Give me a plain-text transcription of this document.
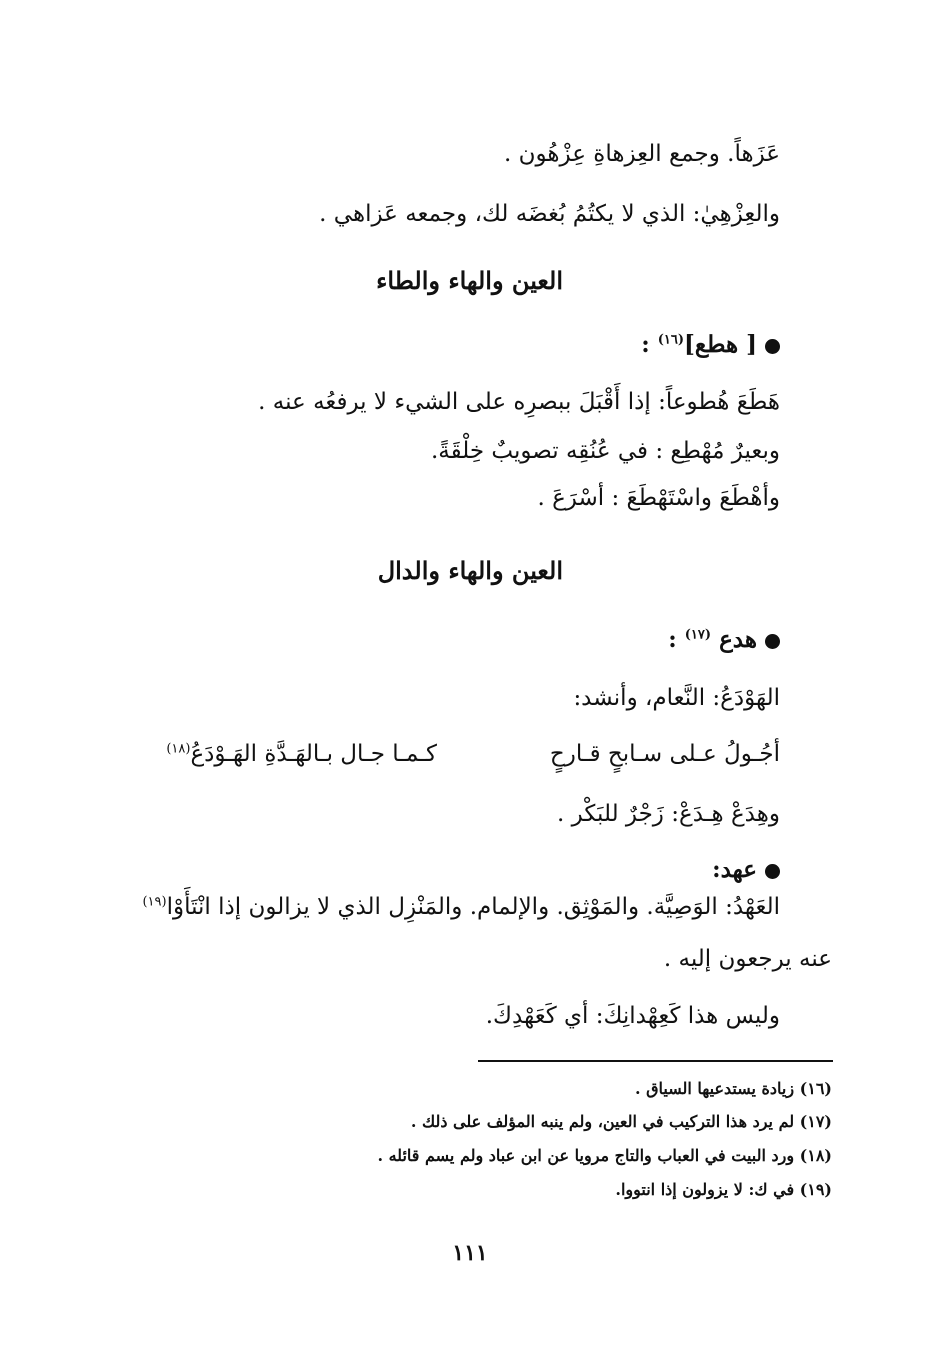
عَزَهاً. وجمع العِزهاةِ عِزْهُون .
والعِزْهِيٰ: الذي لا يكتُمُ بُغضَه لك، وجمعه عَزاهي .
العين والهاء والطاء
[ هطع]$^{(١٦)}$ :
هَطَعَ هُطوعاً: إذا أَقْبَلَ ببصرِه على الشيء لا يرفعُه عنه .
وبعيرٌ مُهْطِع : في عُنُقِه تصويبٌ خِلْقَةً.
وأهْطَعَ واسْتَهْطَعَ : أسْرَعَ .
العين والهاء والدال
هدع $^{(١٧)}$ :
الهَوْدَعُ: النَّعام، وأنشد:
أجُـولُ عـلى سـابحٍ قـارحٍ
كـمـا جـال بـالهَـدَّةِ الهَـوْدَعُ$^{(١٨)}$
وهِدَعْ هِـدَعْ: زَجْرٌ للبَكْر .
عهد:
العَهْدُ: الوَصِيَّة. والمَوْثِق. والإلمام. والمَنْزِل الذي لا يزالون إذا انْتَأَوْا$^{(١٩)}$
عنه يرجعون إليه .
وليس هذا كَعِهْدانِكَ: أي كَعَهْدِكَ.
(١٦) زيادة يستدعيها السياق .
(١٧) لم يرد هذا التركيب في العين، ولم ينبه المؤلف على ذلك .
(١٨) ورد البيت في العباب والتاج مرويا عن ابن عباد ولم يسم قائله .
(١٩) في ك: لا يزولون إذا انتووا.
١١١
